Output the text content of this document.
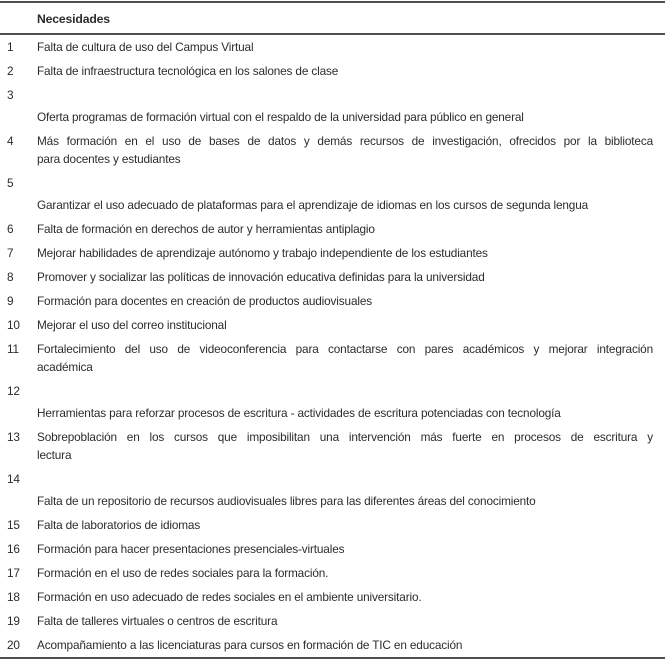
Necesidades
1	Falta de cultura de uso del Campus Virtual
2	Falta de infraestructura tecnológica en los salones de clase
3
Oferta programas de formación virtual con el respaldo de la universidad para público en general
4	Más formación en el uso de bases de datos y demás recursos de investigación, ofrecidos por la biblioteca
para docentes y estudiantes
5
Garantizar el uso adecuado de plataformas para el aprendizaje de idiomas en los cursos de segunda lengua
6	Falta de formación en derechos de autor y herramientas antiplagio
7	Mejorar habilidades de aprendizaje autónomo y trabajo independiente de los estudiantes
8	Promover y socializar las políticas de innovación educativa definidas para la universidad
9	Formación para docentes en creación de productos audiovisuales
10	Mejorar el uso del correo institucional
11	Fortalecimiento del uso de videoconferencia para contactarse con pares académicos y mejorar integración
académica
12
Herramientas para reforzar procesos de escritura - actividades de escritura potenciadas con tecnología
13	Sobrepoblación en los cursos que imposibilitan una intervención más fuerte en procesos de escritura y
lectura
14
Falta de un repositorio de recursos audiovisuales libres para las diferentes áreas del conocimiento
15	Falta de laboratorios de idiomas
16	Formación para hacer presentaciones presenciales-virtuales
17	Formación en el uso de redes sociales para la formación.
18	Formación en uso adecuado de redes sociales en el ambiente universitario.
19	Falta de talleres virtuales o centros de escritura
20	Acompañamiento a las licenciaturas para cursos en formación de TIC en educación
